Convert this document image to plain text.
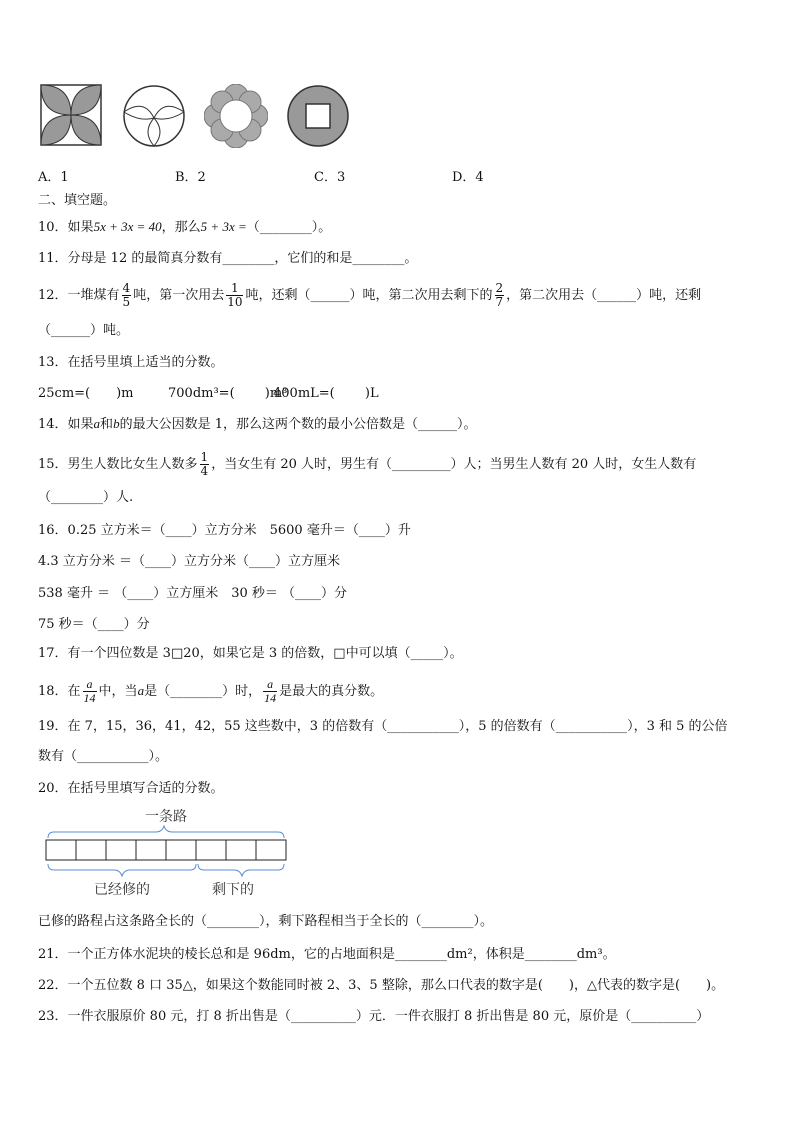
A．1	B．2	C．3	D．4
二、填空题。
10．如果5x + 3x = 40，那么5 + 3x =（________）。
11．分母是 12 的最简真分数有________，它们的和是________。
12．一堆煤有 $\frac{4}{5}$ 吨，第一次用去 $\frac{1}{10}$ 吨，还剩（______）吨，第二次用去剩下的 $\frac{2}{7}$ ，第二次用去（______）吨，还剩
（______）吨。
13．在括号里填上适当的分数。
25cm=(　　)m	700dm³=(　　 )m³400mL=(　　 )L
14．如果a和b的最大公因数是 1，那么这两个数的最小公倍数是（______）。
15．男生人数比女生人数多 $\frac{1}{4}$ ，当女生有 20 人时，男生有（_________）人；当男生人数有 20 人时，女生人数有
（________）人.
16．0.25 立方米＝（____）立方分米　5600 毫升＝（____）升
4.3 立方分米 ＝（____）立方分米（____）立方厘米
538 毫升 ＝ （____）立方厘米　30 秒＝ （____）分
75 秒＝（____）分
17．有一个四位数是 3□20，如果它是 3 的倍数，□中可以填（_____）。
18．在 $\frac{a}{14}$ 中，当a是（________）时， $\frac{a}{14}$ 是最大的真分数。
19．在 7，15，36，41，42，55 这些数中，3 的倍数有（___________），5 的倍数有（___________），3 和 5 的公倍
数有（___________）。
20．在括号里填写合适的分数。
一条路
已经修的	剩下的
已修的路程占这条路全长的（________），剩下路程相当于全长的（________）。
21．一个正方体水泥块的棱长总和是 96dm，它的占地面积是________dm²，体积是________dm³。
22．一个五位数 8 口 35△，如果这个数能同时被 2、3、5 整除，那么口代表的数字是(　　)，△代表的数字是(　　)。
23．一件衣服原价 80 元，打 8 折出售是（__________）元．一件衣服打 8 折出售是 80 元，原价是（__________）
